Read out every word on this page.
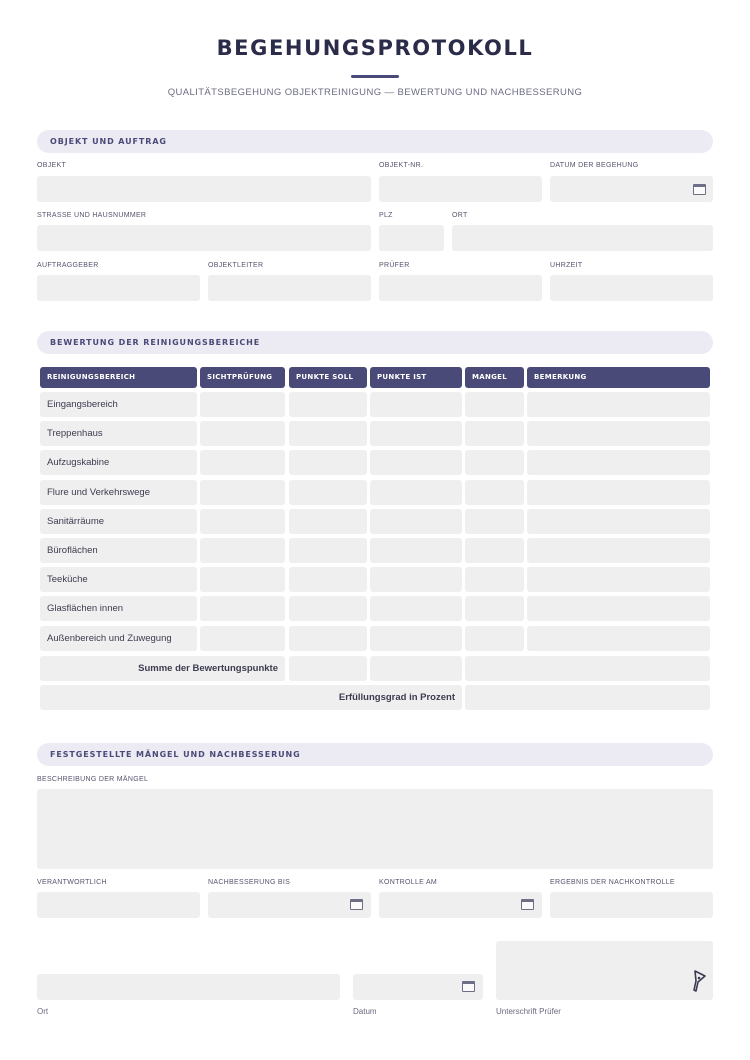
BEGEHUNGSPROTOKOLL
QUALITÄTSBEGEHUNG OBJEKTREINIGUNG — BEWERTUNG UND NACHBESSERUNG
OBJEKT UND AUFTRAG
OBJEKT	OBJEKT-NR.	DATUM DER BEGEHUNG
STRASSE UND HAUSNUMMER	PLZ	ORT
AUFTRAGGEBER	OBJEKTLEITER	PRÜFER	UHRZEIT
BEWERTUNG DER REINIGUNGSBEREICHE
REINIGUNGSBEREICH	SICHTPRÜFUNG	PUNKTE SOLL	PUNKTE IST	MANGEL	BEMERKUNG
Eingangsbereich
Treppenhaus
Aufzugskabine
Flure und Verkehrswege
Sanitärräume
Büroflächen
Teeküche
Glasflächen innen
Außenbereich und Zuwegung
Summe der Bewertungspunkte
Erfüllungsgrad in Prozent
FESTGESTELLTE MÄNGEL UND NACHBESSERUNG
BESCHREIBUNG DER MÄNGEL
VERANTWORTLICH	NACHBESSERUNG BIS	KONTROLLE AM	ERGEBNIS DER NACHKONTROLLE
Ort	Datum	Unterschrift Prüfer
